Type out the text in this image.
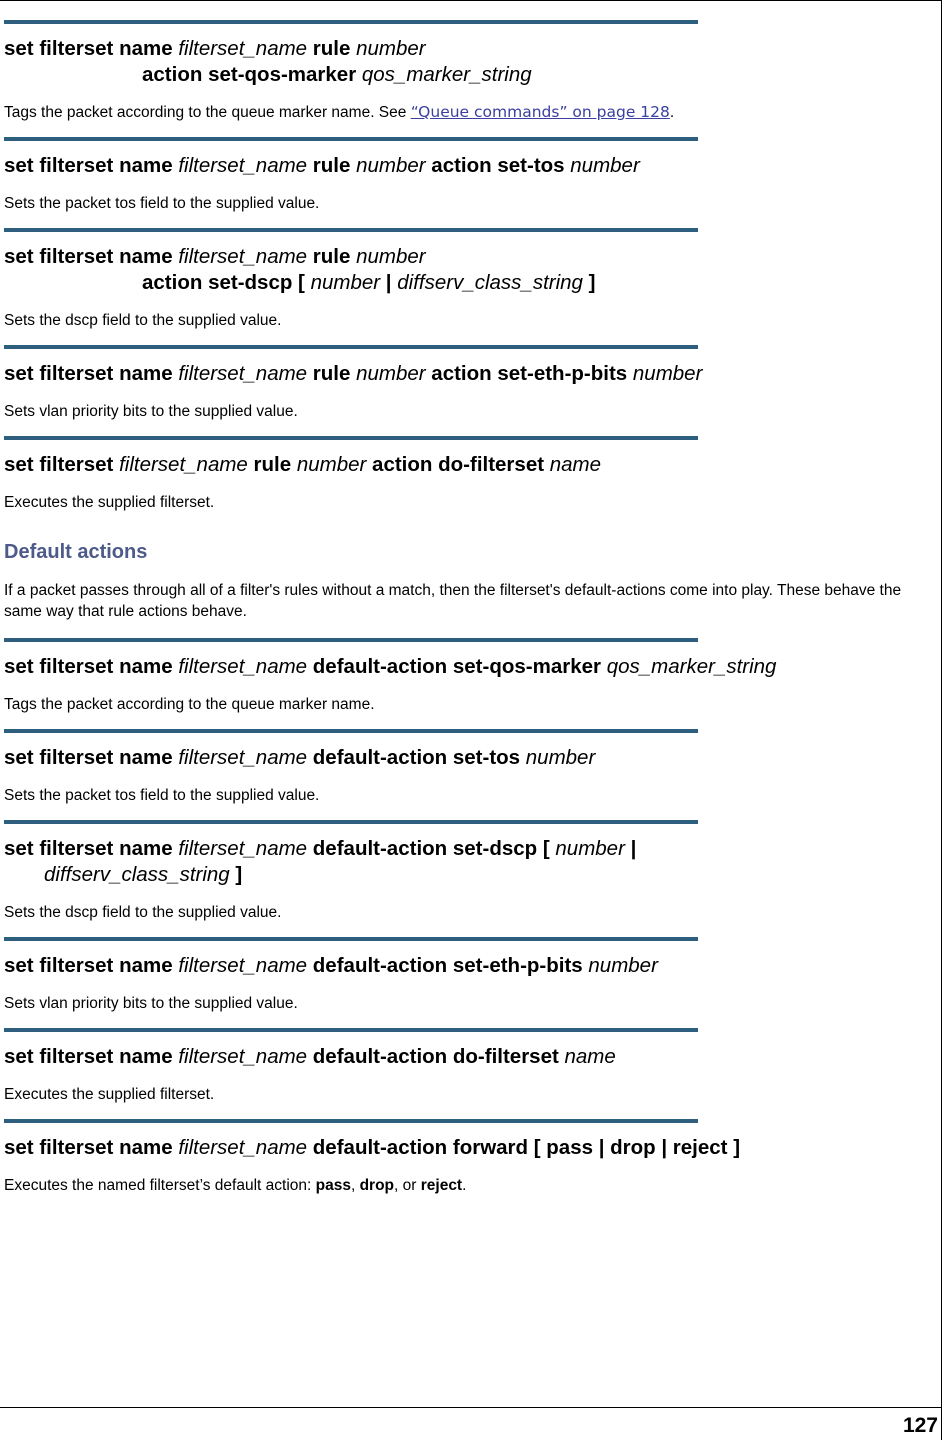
set filterset name filterset_name rule number
action set-qos-marker qos_marker_string

Tags the packet according to the queue marker name. See “Queue commands” on page 128.

set filterset name filterset_name rule number action set-tos number

Sets the packet tos field to the supplied value.

set filterset name filterset_name rule number
action set-dscp [ number | diffserv_class_string ]

Sets the dscp field to the supplied value.

set filterset name filterset_name rule number action set-eth-p-bits number

Sets vlan priority bits to the supplied value.

set filterset filterset_name rule number action do-filterset name

Executes the supplied filterset.
Default actions
If a packet passes through all of a filter's rules without a match, then the filterset's default-actions come into play. These behave the same way that rule actions behave.

set filterset name filterset_name default-action set-qos-marker qos_marker_string

Tags the packet according to the queue marker name.

set filterset name filterset_name default-action set-tos number

Sets the packet tos field to the supplied value.

set filterset name filterset_name default-action set-dscp [ number |
diffserv_class_string ]

Sets the dscp field to the supplied value.

set filterset name filterset_name default-action set-eth-p-bits number

Sets vlan priority bits to the supplied value.

set filterset name filterset_name default-action do-filterset name

Executes the supplied filterset.

set filterset name filterset_name default-action forward [ pass | drop | reject ]

Executes the named filterset’s default action: pass, drop, or reject.
127
